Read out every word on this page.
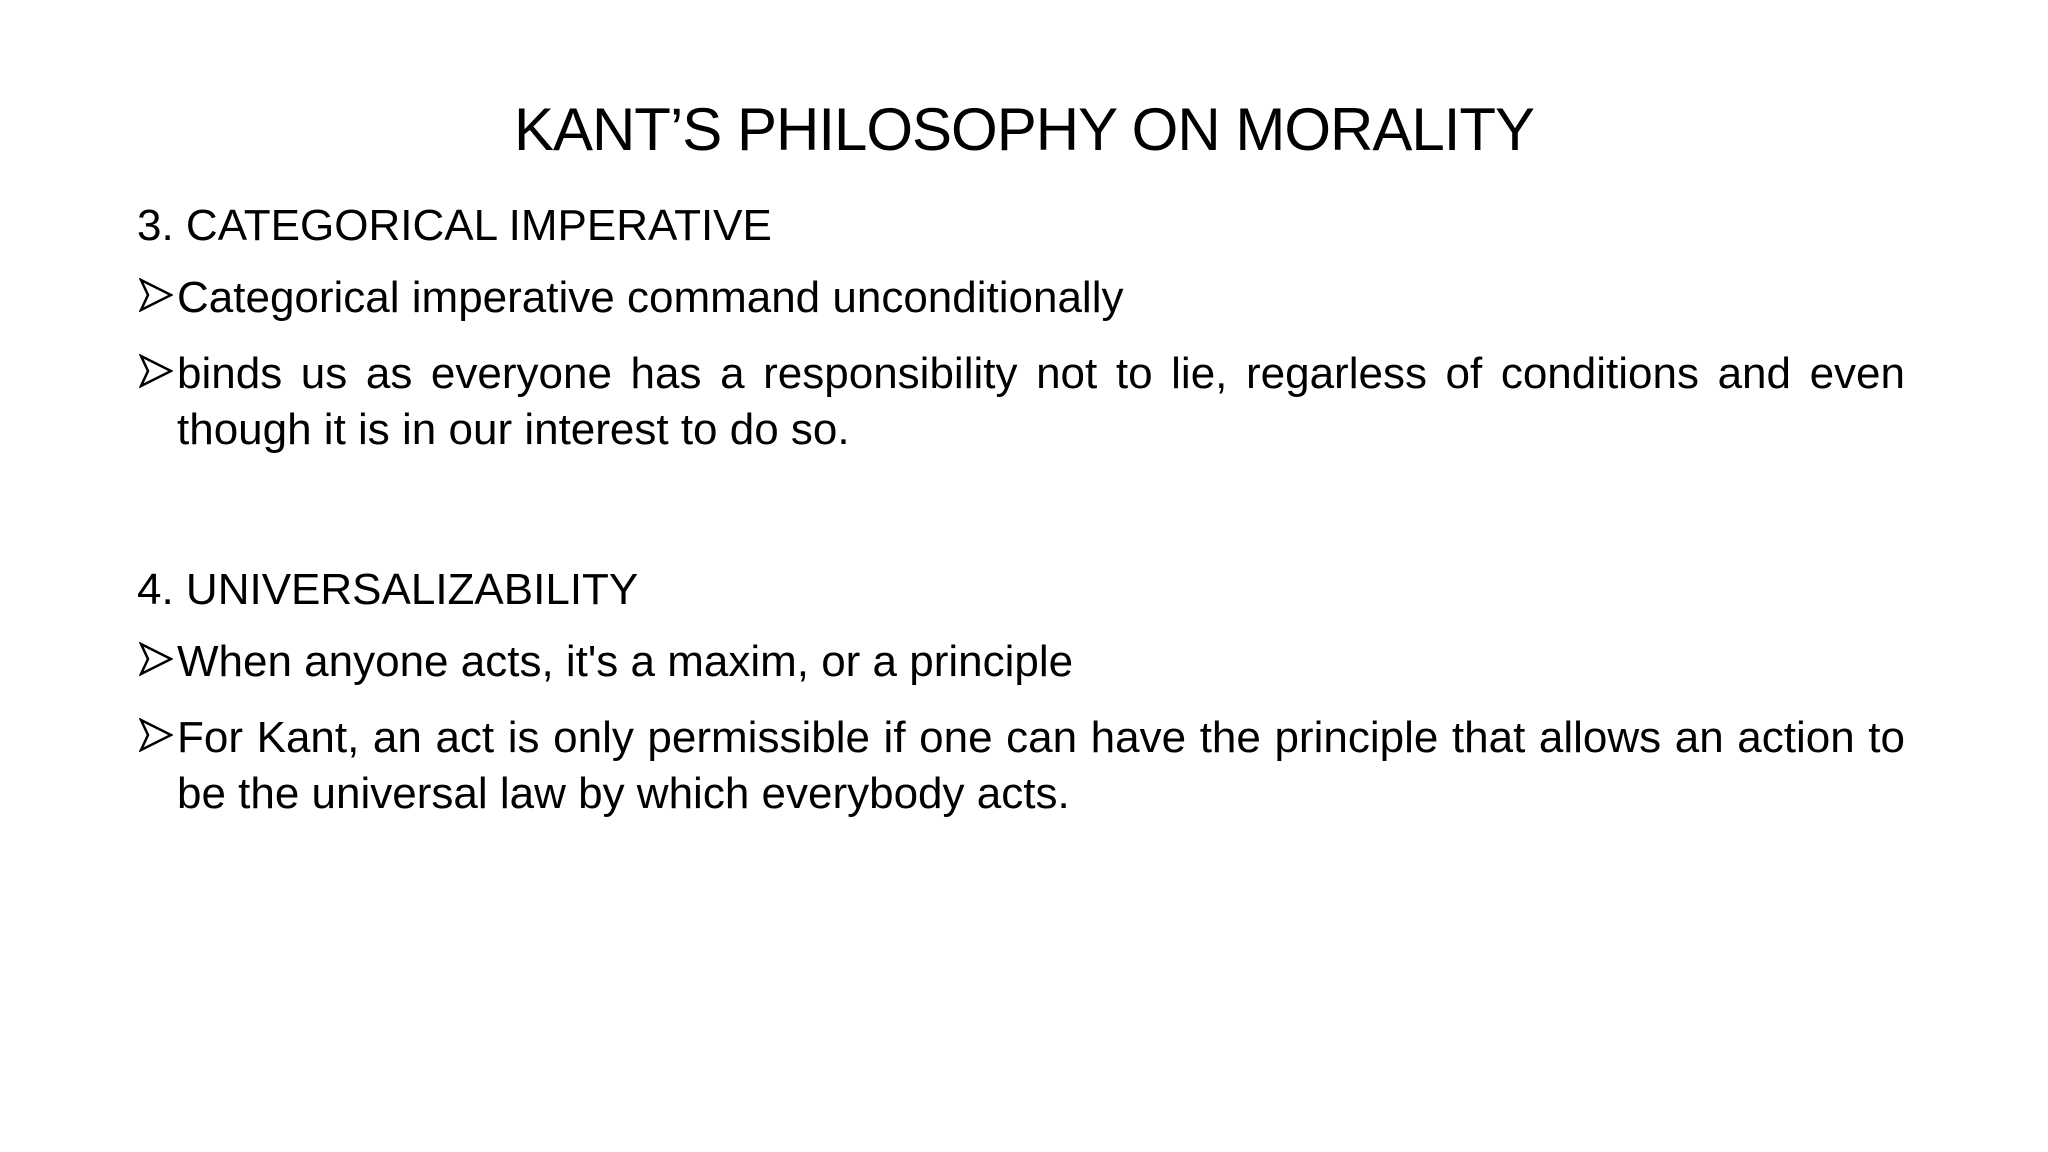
KANT’S PHILOSOPHY ON MORALITY
3. CATEGORICAL IMPERATIVE
Categorical imperative command unconditionally
binds us as everyone has a responsibility not to lie, regarless of conditions and even though it is in our interest to do so.
4. UNIVERSALIZABILITY
When anyone acts, it's a maxim, or a principle
For Kant, an act is only permissible if one can have the principle that allows an action to be the universal law by which everybody acts.
